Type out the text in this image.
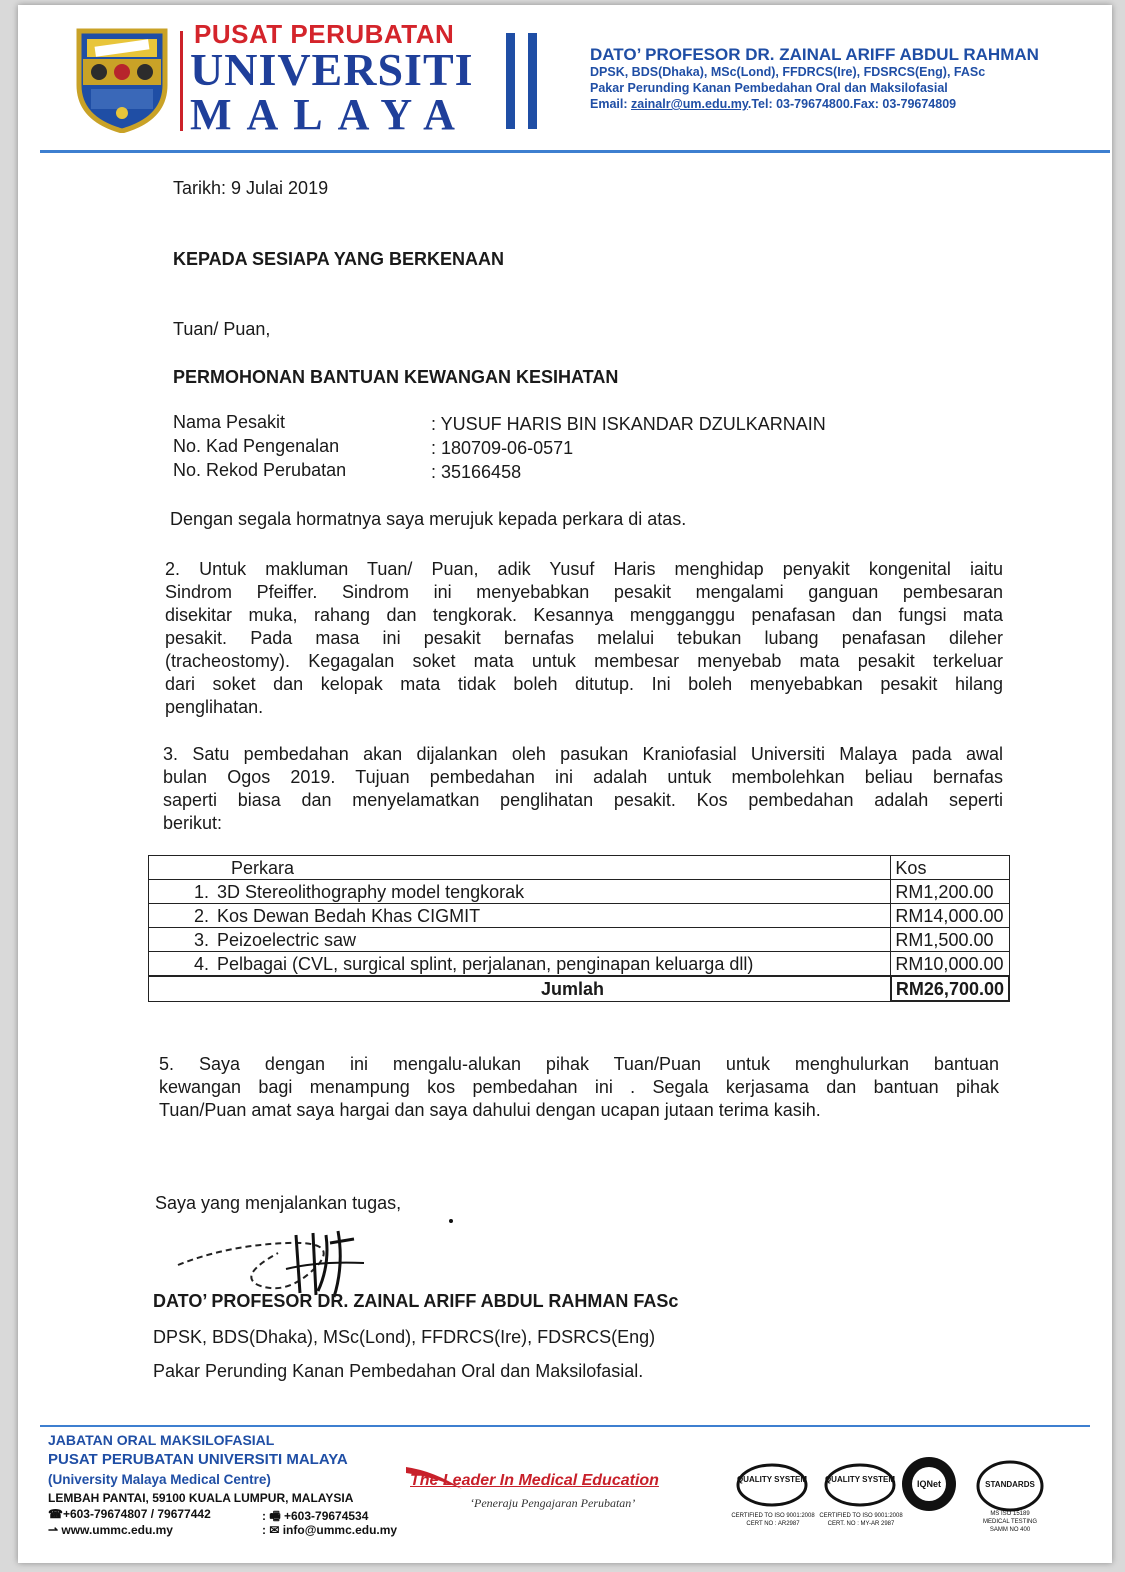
PUSAT PERUBATAN
UNIVERSITI
MALAYA
DATO’ PROFESOR DR. ZAINAL ARIFF ABDUL RAHMAN
DPSK, BDS(Dhaka), MSc(Lond), FFDRCS(Ire), FDSRCS(Eng), FASc
Pakar Perunding Kanan Pembedahan Oral dan Maksilofasial
Email: zainalr@um.edu.my.Tel: 03-79674800.Fax: 03-79674809
Tarikh: 9 Julai 2019
KEPADA SESIAPA YANG BERKENAAN
Tuan/ Puan,
PERMOHONAN BANTUAN KEWANGAN KESIHATAN
Nama Pesakit	: YUSUF HARIS BIN ISKANDAR DZULKARNAIN
No. Kad Pengenalan	: 180709-06-0571
No. Rekod Perubatan	: 35166458
Dengan segala hormatnya saya merujuk kepada perkara di atas.
2. Untuk makluman Tuan/ Puan, adik Yusuf Haris menghidap penyakit kongenital iaitu
Sindrom Pfeiffer. Sindrom ini menyebabkan pesakit mengalami ganguan pembesaran
disekitar muka, rahang dan tengkorak. Kesannya mengganggu penafasan dan fungsi mata
pesakit. Pada masa ini pesakit bernafas melalui tebukan lubang penafasan dileher
(tracheostomy). Kegagalan soket mata untuk membesar menyebab mata pesakit terkeluar
dari soket dan kelopak mata tidak boleh ditutup. Ini boleh menyebabkan pesakit hilang
penglihatan.
3. Satu pembedahan akan dijalankan oleh pasukan Kraniofasial Universiti Malaya pada awal
bulan Ogos 2019. Tujuan pembedahan ini adalah untuk membolehkan beliau bernafas
saperti biasa dan menyelamatkan penglihatan pesakit. Kos pembedahan adalah seperti
berikut:
Perkara	Kos
1. 3D Stereolithography model tengkorak	RM1,200.00
2. Kos Dewan Bedah Khas CIGMIT	RM14,000.00
3. Peizoelectric saw	RM1,500.00
4. Pelbagai (CVL, surgical splint, perjalanan, penginapan keluarga dll)	RM10,000.00
Jumlah	RM26,700.00
5. Saya dengan ini mengalu-alukan pihak Tuan/Puan untuk menghulurkan bantuan
kewangan bagi menampung kos pembedahan ini . Segala kerjasama dan bantuan pihak
Tuan/Puan amat saya hargai dan saya dahului dengan ucapan jutaan terima kasih.
Saya yang menjalankan tugas,
DATO’ PROFESOR DR. ZAINAL ARIFF ABDUL RAHMAN FASc
DPSK, BDS(Dhaka), MSc(Lond), FFDRCS(Ire), FDSRCS(Eng)
Pakar Perunding Kanan Pembedahan Oral dan Maksilofasial.
JABATAN ORAL MAKSILOFASIAL
PUSAT PERUBATAN UNIVERSITI MALAYA
(University Malaya Medical Centre)
LEMBAH PANTAI, 59100 KUALA LUMPUR, MALAYSIA
☎+603-79674807 / 79677442	: 🖷 +603-79674534
⇀ www.ummc.edu.my	: ✉ info@ummc.edu.my
The Leader In Medical Education
‘Peneraju Pengajaran Perubatan’
QUALITY SYSTEM
CERTIFIED TO ISO 9001:2008
CERT NO : AR2987
QUALITY SYSTEM
CERTIFIED TO ISO 9001:2008
CERT. NO : MY-AR 2987
IQNet	STANDARDS
MS ISO 15189
MEDICAL TESTING
SAMM NO 400
